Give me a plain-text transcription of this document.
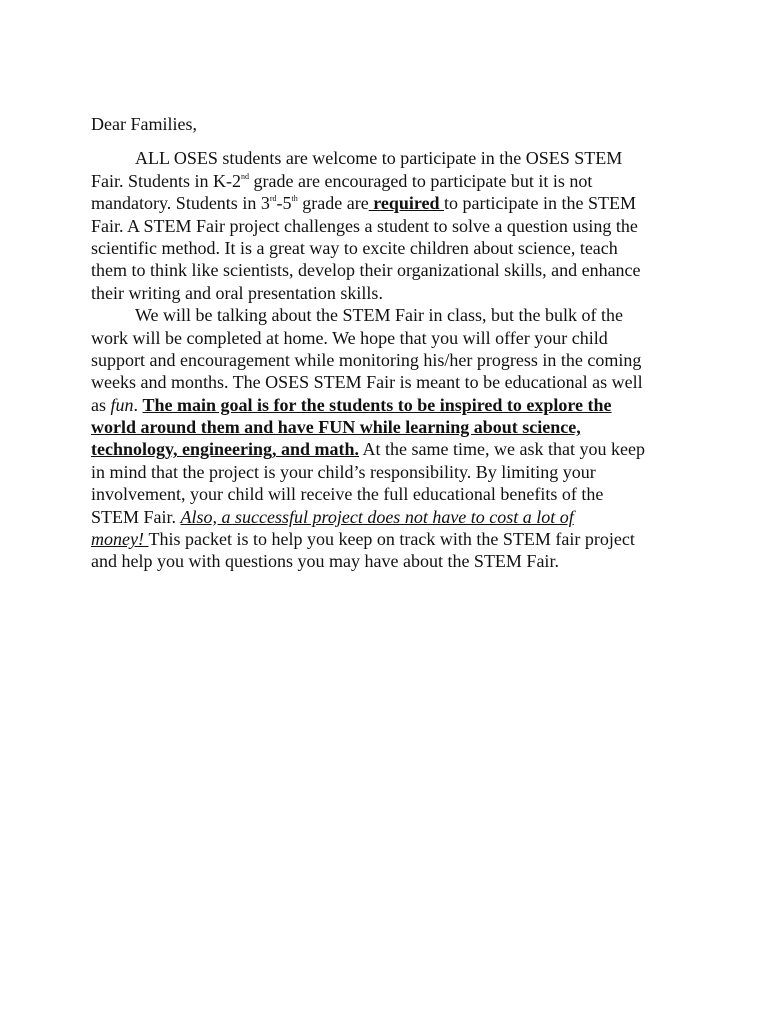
Dear Families,
ALL OSES students are welcome to participate in the OSES STEM
Fair. Students in K-2nd grade are encouraged to participate but it is not
mandatory. Students in 3rd-5th grade are required to participate in the STEM
Fair. A STEM Fair project challenges a student to solve a question using the
scientific method. It is a great way to excite children about science, teach
them to think like scientists, develop their organizational skills, and enhance
their writing and oral presentation skills.
We will be talking about the STEM Fair in class, but the bulk of the
work will be completed at home. We hope that you will offer your child
support and encouragement while monitoring his/her progress in the coming
weeks and months. The OSES STEM Fair is meant to be educational as well
as fun. The main goal is for the students to be inspired to explore the
world around them and have FUN while learning about science,
technology, engineering, and math. At the same time, we ask that you keep
in mind that the project is your child’s responsibility. By limiting your
involvement, your child will receive the full educational benefits of the
STEM Fair. Also, a successful project does not have to cost a lot of
money! This packet is to help you keep on track with the STEM fair project
and help you with questions you may have about the STEM Fair.
